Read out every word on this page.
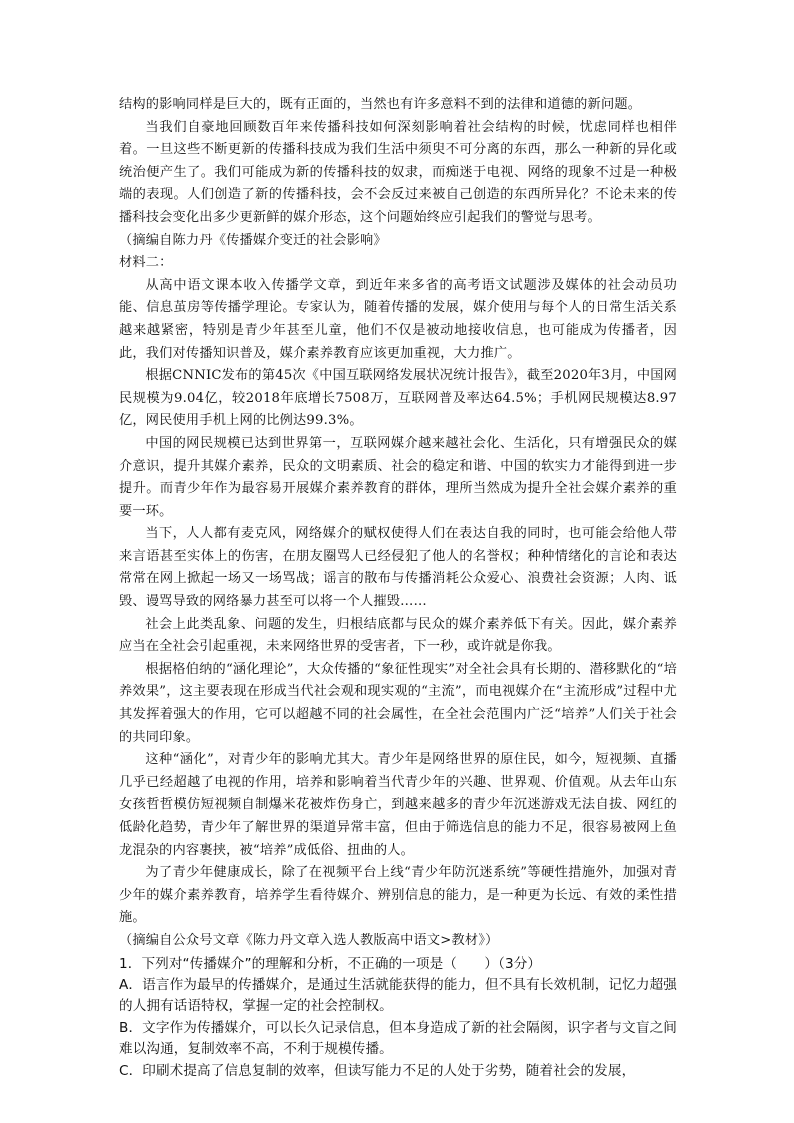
结构的影响同样是巨大的，既有正面的，当然也有许多意料不到的法律和道德的新问题。

当我们自豪地回顾数百年来传播科技如何深刻影响着社会结构的时候，忧虑同样也相伴着。一旦这些不断更新的传播科技成为我们生活中须臾不可分离的东西，那么一种新的异化或统治便产生了。我们可能成为新的传播科技的奴隶，而痴迷于电视、网络的现象不过是一种极端的表现。人们创造了新的传播科技，会不会反过来被自己创造的东西所异化？不论未来的传播科技会变化出多少更新鲜的媒介形态，这个问题始终应引起我们的警觉与思考。

（摘编自陈力丹《传播媒介变迁的社会影响》

材料二：

从高中语文课本收入传播学文章，到近年来多省的高考语文试题涉及媒体的社会动员功能、信息茧房等传播学理论。专家认为，随着传播的发展，媒介使用与每个人的日常生活关系越来越紧密，特别是青少年甚至儿童，他们不仅是被动地接收信息，也可能成为传播者，因此，我们对传播知识普及，媒介素养教育应该更加重视，大力推广。

根据CNNIC发布的第45次《中国互联网络发展状况统计报告》，截至2020年3月，中国网民规模为9.04亿，较2018年底增长7508万，互联网普及率达64.5%；手机网民规模达8.97亿，网民使用手机上网的比例达99.3%。

中国的网民规模已达到世界第一，互联网媒介越来越社会化、生活化，只有增强民众的媒介意识，提升其媒介素养，民众的文明素质、社会的稳定和谐、中国的软实力才能得到进一步提升。而青少年作为最容易开展媒介素养教育的群体，理所当然成为提升全社会媒介素养的重要一环。

当下，人人都有麦克风，网络媒介的赋权使得人们在表达自我的同时，也可能会给他人带来言语甚至实体上的伤害，在朋友圈骂人已经侵犯了他人的名誉权；种种情绪化的言论和表达常常在网上掀起一场又一场骂战；谣言的散布与传播消耗公众爱心、浪费社会资源；人肉、诋毁、谩骂导致的网络暴力甚至可以将一个人摧毁……

社会上此类乱象、问题的发生，归根结底都与民众的媒介素养低下有关。因此，媒介素养应当在全社会引起重视，未来网络世界的受害者，下一秒，或许就是你我。

根据格伯纳的“涵化理论”，大众传播的“象征性现实”对全社会具有长期的、潜移默化的“培养效果”，这主要表现在形成当代社会观和现实观的“主流”，而电视媒介在“主流形成”过程中尤其发挥着强大的作用，它可以超越不同的社会属性，在全社会范围内广泛“培养”人们关于社会的共同印象。

这种“涵化”，对青少年的影响尤其大。青少年是网络世界的原住民，如今，短视频、直播几乎已经超越了电视的作用，培养和影响着当代青少年的兴趣、世界观、价值观。从去年山东女孩哲哲模仿短视频自制爆米花被炸伤身亡，到越来越多的青少年沉迷游戏无法自拔、网红的低龄化趋势，青少年了解世界的渠道异常丰富，但由于筛选信息的能力不足，很容易被网上鱼龙混杂的内容裹挟，被“培养”成低俗、扭曲的人。

为了青少年健康成长，除了在视频平台上线“青少年防沉迷系统”等硬性措施外，加强对青少年的媒介素养教育，培养学生看待媒介、辨别信息的能力，是一种更为长远、有效的柔性措施。

（摘编自公众号文章《陈力丹文章入选人教版高中语文>教材》）

1．下列对“传播媒介”的理解和分析，不正确的一项是（　　）（3分）

A．语言作为最早的传播媒介，是通过生活就能获得的能力，但不具有长效机制，记忆力超强的人拥有话语特权，掌握一定的社会控制权。

B．文字作为传播媒介，可以长久记录信息，但本身造成了新的社会隔阂，识字者与文盲之间难以沟通，复制效率不高，不利于规模传播。

C．印刷术提高了信息复制的效率，但读写能力不足的人处于劣势，随着社会的发展，
